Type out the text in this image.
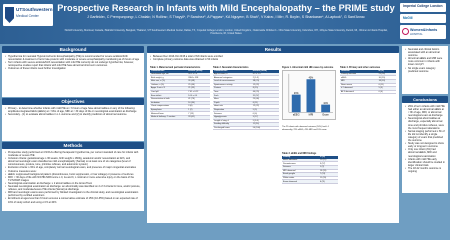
UTSouthwestern
Medical Center
Prospective Research in Infants with Mild Encephalopathy – the PRIME study
J Garfinkle¹, C Prempunpong², L Chalak³, N Rollins³, S Thayyil⁴, P Sanchez⁵, A Pappas⁶, KA Nguyen³, B Shah⁷, V Kalra¹, I Mir³, R. Boyle¹, S Shankaran⁶, A Laptook⁷, G Sant'Anna¹
¹McGill University, Montreal, Canada, ²Mahidol University, Bangkok, Thailand, ³UT Southwestern Medical Center, Dallas, TX, ⁴Imperial College London, London, United Kingdom, ⁵Nationwide Children's - Ohio State University, Columbus, OH, ⁶Wayne State University, Detroit, MI, ⁷Women & Infants Hospital, Providence, RI, United States
Imperial College London
McGill
Women&Infants
HOSPITAL
Background
• Hypothermia for neonatal Hypoxic-Ischemic Encephalopathy (HIE) is recommended for severe acidosis/birth resuscitation & treatment of term/ late-preterm with moderate or severe encephalopathy manifesting at ≤6 hours of age
• Term infants with severe acidosis/birth resuscitation with mild HIE currently do not undergo hypothermia; however, retrospective studies report that infants with mild HIE have abnormal short-term outcomes
• Outcomes of these infants need further investigation
Objectives
• Primary - to determine whether infants with mild HIE at < 6 hours of age have abnormalities on any of the following: amplitude-integrated EEG (aEEG) at < 9hrs of age, MRI at < 30 days of life or neurological examination at discharge
• Secondary - (1) to evaluate abnormalities in ≥ 1 outcome and (2) to identify predictors of abnormal outcome
Methods
• Prospective study performed at 4 NICUs offering therapeutic hypothermia, per current standard of care for infants with moderate or severe HIE
• Inclusion criteria: gestational age ≥ 36 weeks, birth weight ≥ 1800g, academic and/or resuscitation at birth, and abnormal neurologic exam classified as mild encephalopathy (Sarnat) on at least one of six categories (level of consciousness, posture, tone, primitive reflexes, and autonomic system)
• Exclusion criteria: ≥ 6hrs of age, completely normal neurological exam, and presence of major congenital anomalies
• Outcome measures were:
• aEEG: suppressed background pattern (discontinuous, burst suppression, or low voltage) or presence of seizures
• MRI: < 30 days of life with NICHD-NRN score ≥ 0, 1a and b; ≥ minimal or more extensive injury on the basis of the T1/T2/DWI images
• Neurological examination at discharge: ≥ 2 abnormalities on the Amiel-Tison
• Neonatal neurological examination at discharge: an abnormality was identified on 2 of 3 criteria for tone, and/or posture, reflexes, and moderate/severe HIE criteria (Sarnat) at discharge
• MRI and neurologic exams were performed by blinded investigators to the clinical study, and neurological examination performed by certified examiners
• Enrollment at ages less than 6 hours ensures a conservative estimate of 15% (10-35%) based on an expected rate of 10% of study cohort and using α 0.5 at 40%
Results
• Between Dec 2013-Oct 2015 a total of 63 infants were enrolled
• Complete primary outcome data was obtained in 54 infants
Table 1. Maternal and perinatal characteristics
Characteristic	Results (N=54)
Gestational age, wk	39.1 ± 1.4
Birth weight, g	3364 ± 538
Male sex, n (%)	26 (48)
Outborn, n (%)	25 (46)
Apgar 5 min ≤ 5	21 (39)
Cord pH	7.01 ± 0.12
Base deficit	14.6 ± 4.4
Resuscitation at birth	41 (76)
Intubation	16 (30)
Chest compressions	3 (6)
Epinephrine	1 (2)
Maternal fever	7 (13)
Mode of delivery: C-section	33 (61)
Table 2. Neonatal characteristics
Characteristic	Results (N=54)
Age at exam, h	4.2 ± 1.3
Abnormal categories	2 (1-3)
Level of consciousness	38 (70)
Spontaneous activity	12 (22)
Posture	8 (15)
Tone	40 (74)
Suck	31 (57)
Moro	25 (46)
Pupils	6 (11)
Heart rate	12 (22)
Respiration	5 (9)
Seizures	0 (0)
Hypoglycemia	9 (17)
Length of stay, d	5 (3-9)
Feeding difficulty	11 (20)
Discharged home	54 (100)
Figure 1. Abnormal mild HIE cases by outcome
aEEG
23%
MRI
43%
Exam
10%
The 29 infants with abnormal outcome (54%) had ≥ 1 abnormality; 23% aEEG, 43% MRI and 10% exam
Table 3. aEEG and MRI findings
Finding	N (%)
aEEG abnormal	10 (19)
Discontinuous	9 (17)
Seizures	1 (2)
MRI abnormal	18 (33)
Basal ganglia	7 (13)
White matter	11 (20)
Exam abnormal	6 (11)
Table 4. Primary and other outcomes
Outcome	N (%)
Primary outcome	29 (54)
aEEG	10 (19)
MRI	18 (33)
Neuro exam	6 (11)
≥ 2 abnormal	5 (9)
All 3 abnormal	0 (0)
• Neonatal and clinical factors associated with an abnormal outcome
• Abnormal aEEG and MRI were more common in infants with lower cord pH
• No single exam category predicted outcome
Conclusions
• 29% of term infants with mild HIE had either an abnormal aEEG at < 9h of age, MRI, or abnormal neurological exam at discharge
• Neurological abnormalities at discharge, especially abnormal tone and primitive reflexes, were the most frequent alterations
• Sarnat staging performed ≤ 6h of life did not identify a single category of exam that predicted the outcome
• Study was not designed to show early or long-term outcome
• Only one infant (2%) had abnormal aEEG, MRI and neurological examination
• Infants with mild HIE early identification should be studied in larger clinical trials
• The 18-22 months outcome is ongoing
